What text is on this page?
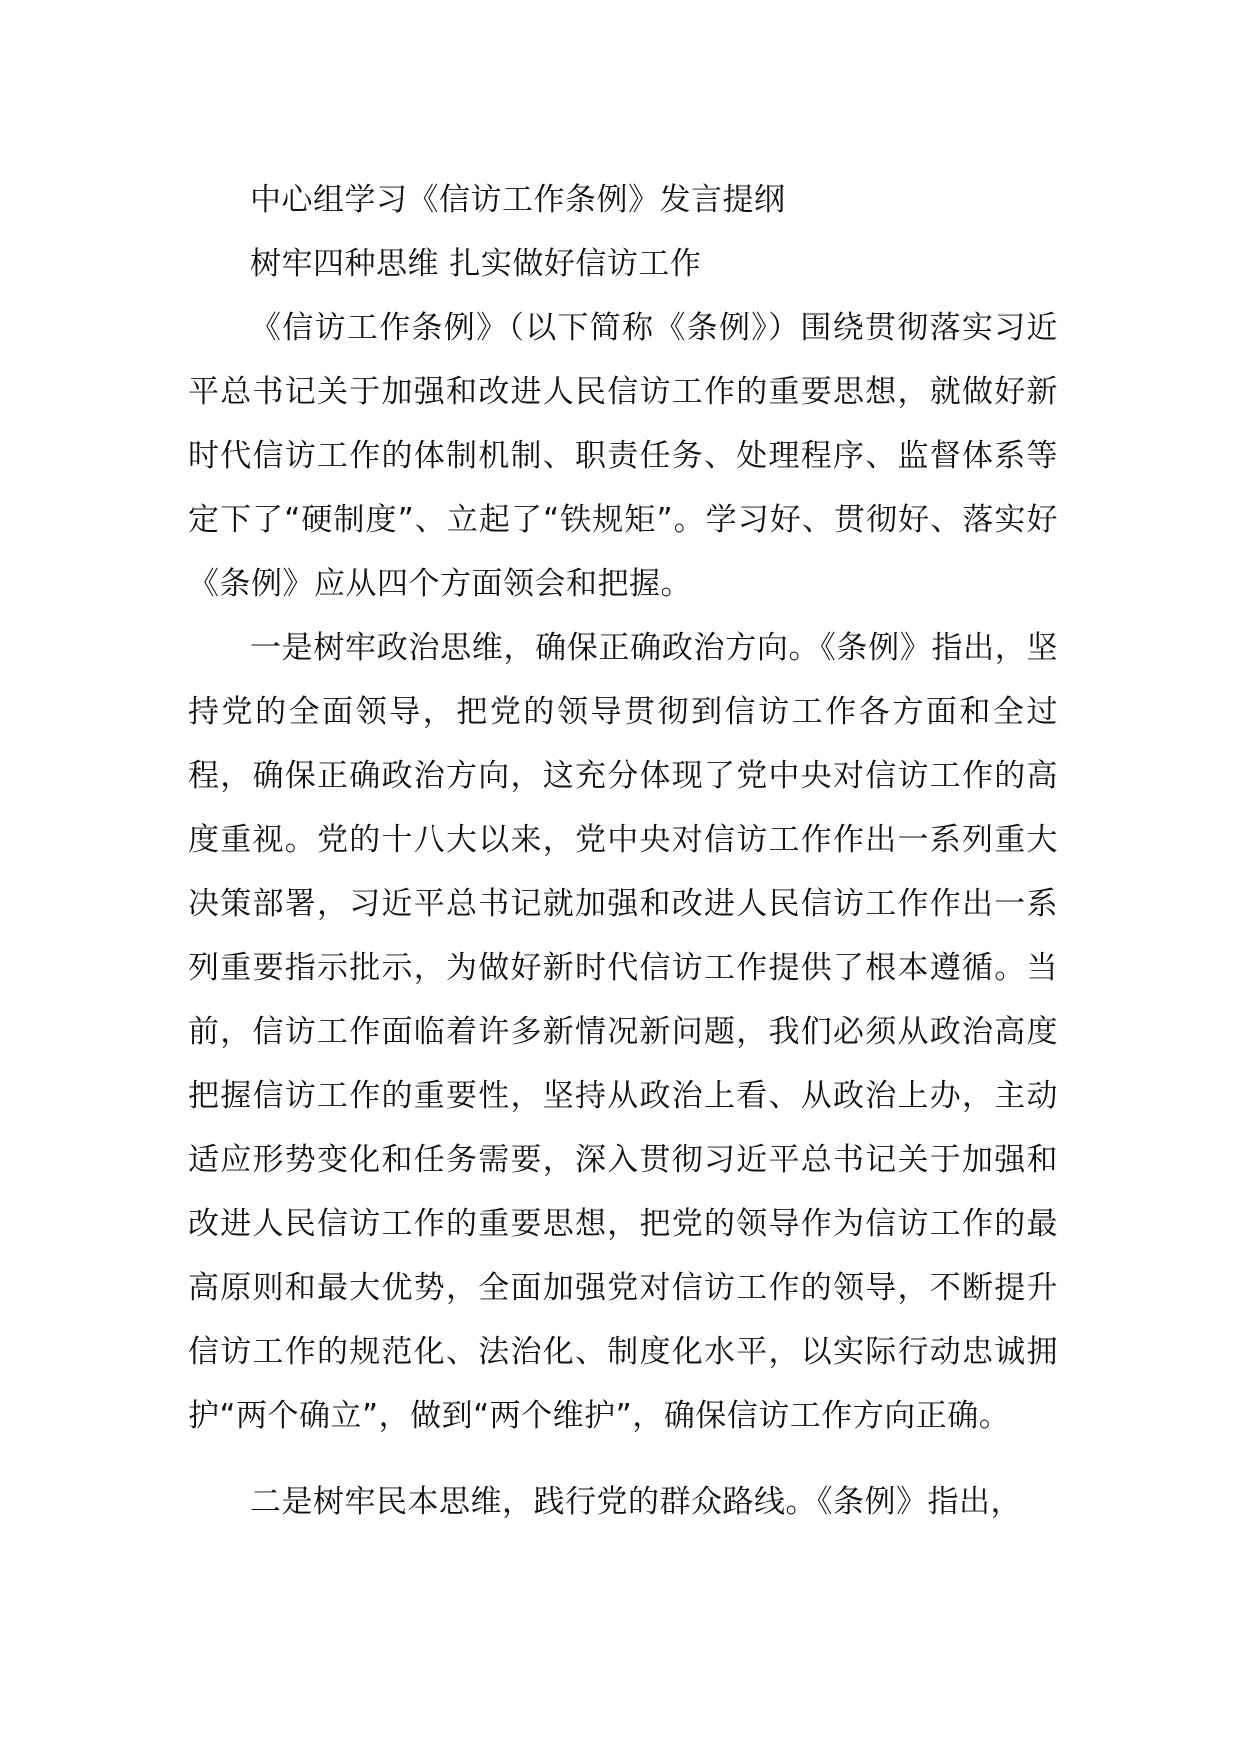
中心组学习《信访工作条例》发言提纲

树牢四种思维 扎实做好信访工作

《信访工作条例》（以下简称《条例》）围绕贯彻落实习近平总书记关于加强和改进人民信访工作的重要思想，就做好新时代信访工作的体制机制、职责任务、处理程序、监督体系等定下了“硬制度”、立起了“铁规矩”。学习好、贯彻好、落实好《条例》应从四个方面领会和把握。

一是树牢政治思维，确保正确政治方向。《条例》指出，坚持党的全面领导，把党的领导贯彻到信访工作各方面和全过程，确保正确政治方向，这充分体现了党中央对信访工作的高度重视。党的十八大以来，党中央对信访工作作出一系列重大决策部署，习近平总书记就加强和改进人民信访工作作出一系列重要指示批示，为做好新时代信访工作提供了根本遵循。当前，信访工作面临着许多新情况新问题，我们必须从政治高度把握信访工作的重要性，坚持从政治上看、从政治上办，主动适应形势变化和任务需要，深入贯彻习近平总书记关于加强和改进人民信访工作的重要思想，把党的领导作为信访工作的最高原则和最大优势，全面加强党对信访工作的领导，不断提升信访工作的规范化、法治化、制度化水平，以实际行动忠诚拥护“两个确立”，做到“两个维护”，确保信访工作方向正确。

二是树牢民本思维，践行党的群众路线。《条例》指出，
